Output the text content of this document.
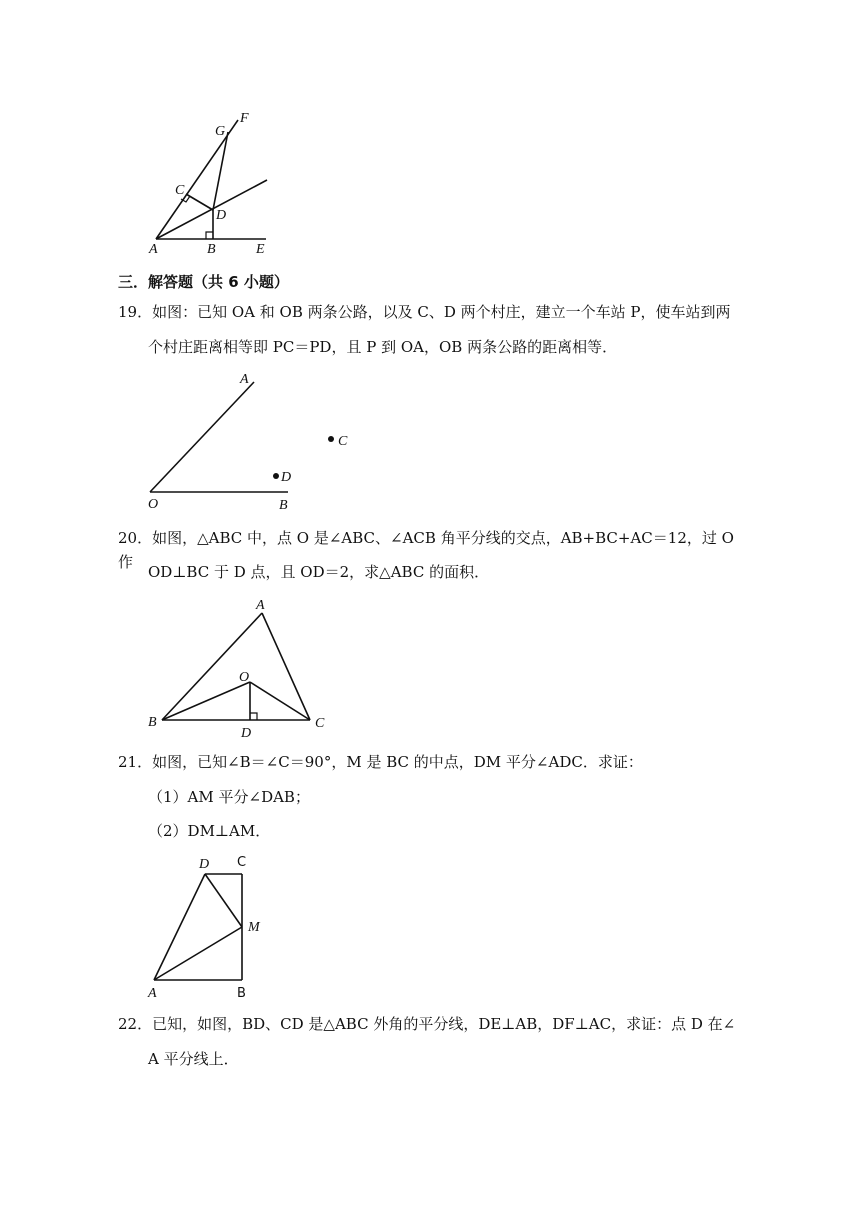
F
G
C
D
A	B	E
三．解答题（共 6 小题）
19．如图：已知 OA 和 OB 两条公路，以及 C、D 两个村庄，建立一个车站 P，使车站到两
个村庄距离相等即 PC＝PD，且 P 到 OA，OB 两条公路的距离相等．
A
C
D
O	B
20．如图，△ABC 中，点 O 是∠ABC、∠ACB 角平分线的交点，AB+BC+AC＝12，过 O 作
OD⊥BC 于 D 点，且 OD＝2，求△ABC 的面积．
A
O
B
D
C
21．如图，已知∠B＝∠C＝90°，M 是 BC 的中点，DM 平分∠ADC．求证：
（1）AM 平分∠DAB；
（2）DM⊥AM．
D C
M
A	B
22．已知，如图，BD、CD 是△ABC 外角的平分线，DE⊥AB，DF⊥AC，求证：点 D 在∠
A 平分线上．
